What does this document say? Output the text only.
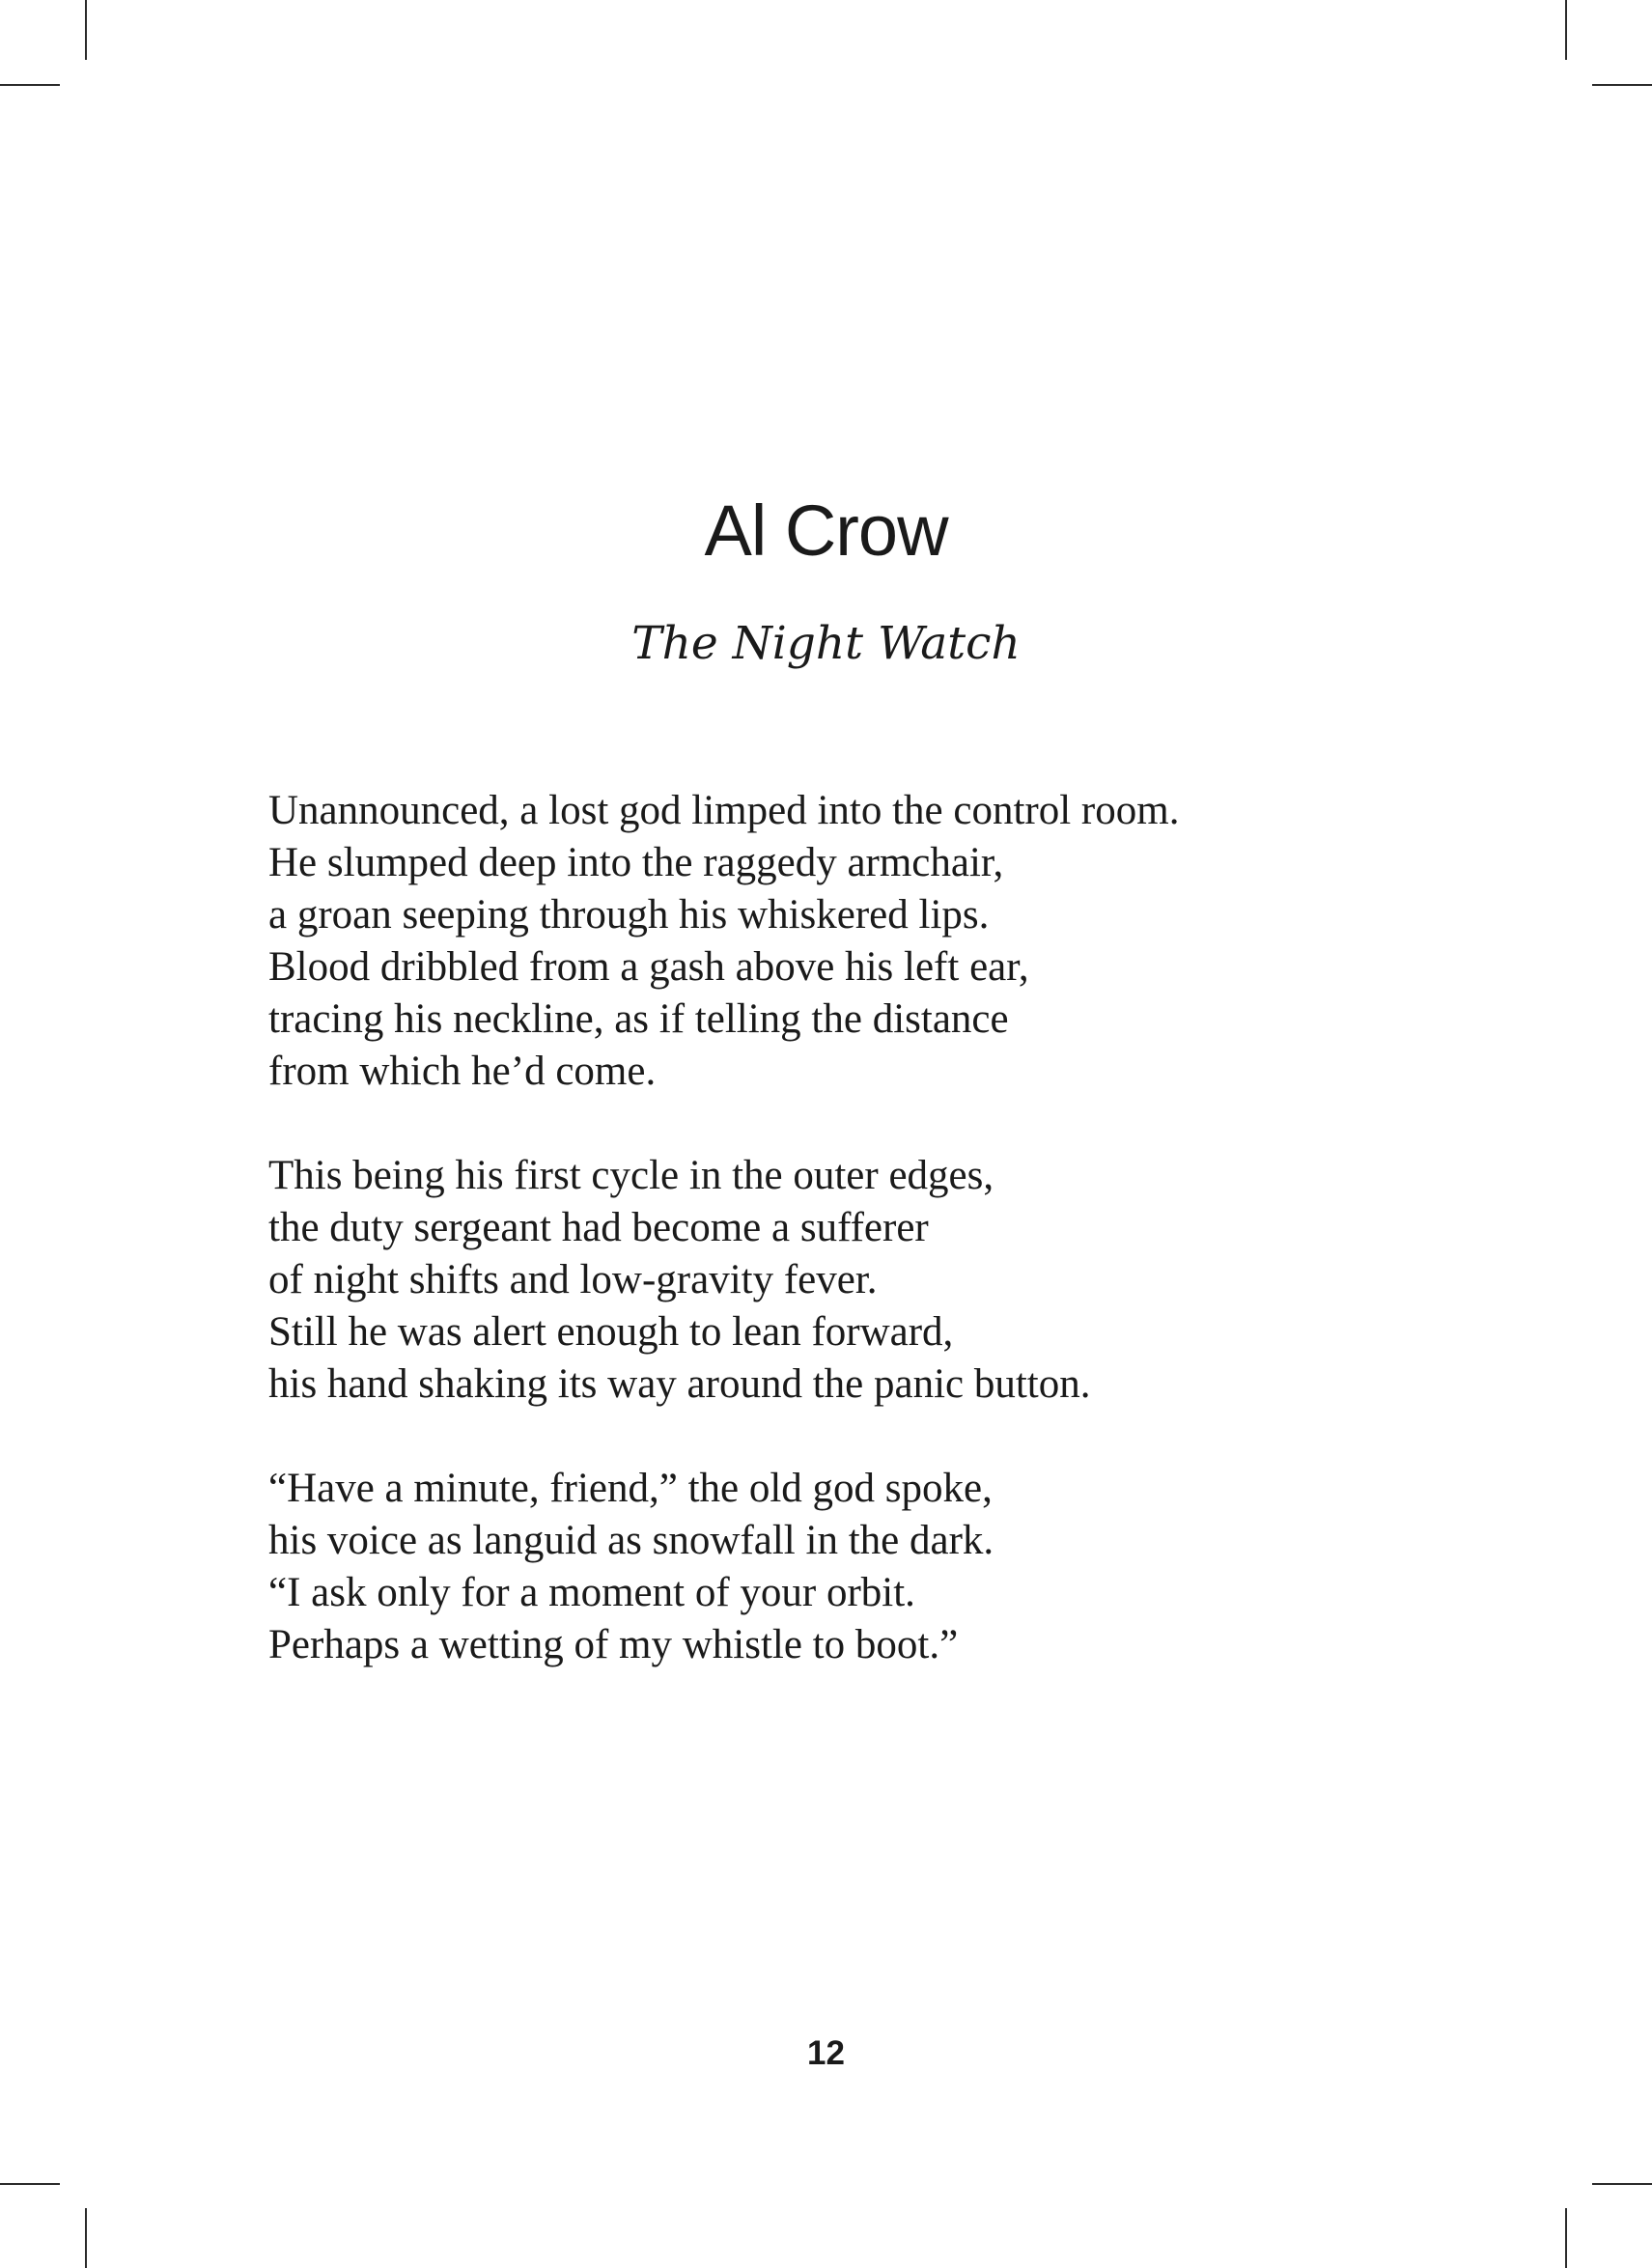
Al Crow
The Night Watch
Unannounced, a lost god limped into the control room.
He slumped deep into the raggedy armchair,
a groan seeping through his whiskered lips.
Blood dribbled from a gash above his left ear,
tracing his neckline, as if telling the distance
from which he’d come.
This being his first cycle in the outer edges,
the duty sergeant had become a sufferer
of night shifts and low-gravity fever.
Still he was alert enough to lean forward,
his hand shaking its way around the panic button.
“Have a minute, friend,” the old god spoke,
his voice as languid as snowfall in the dark.
“I ask only for a moment of your orbit.
Perhaps a wetting of my whistle to boot.”
12
